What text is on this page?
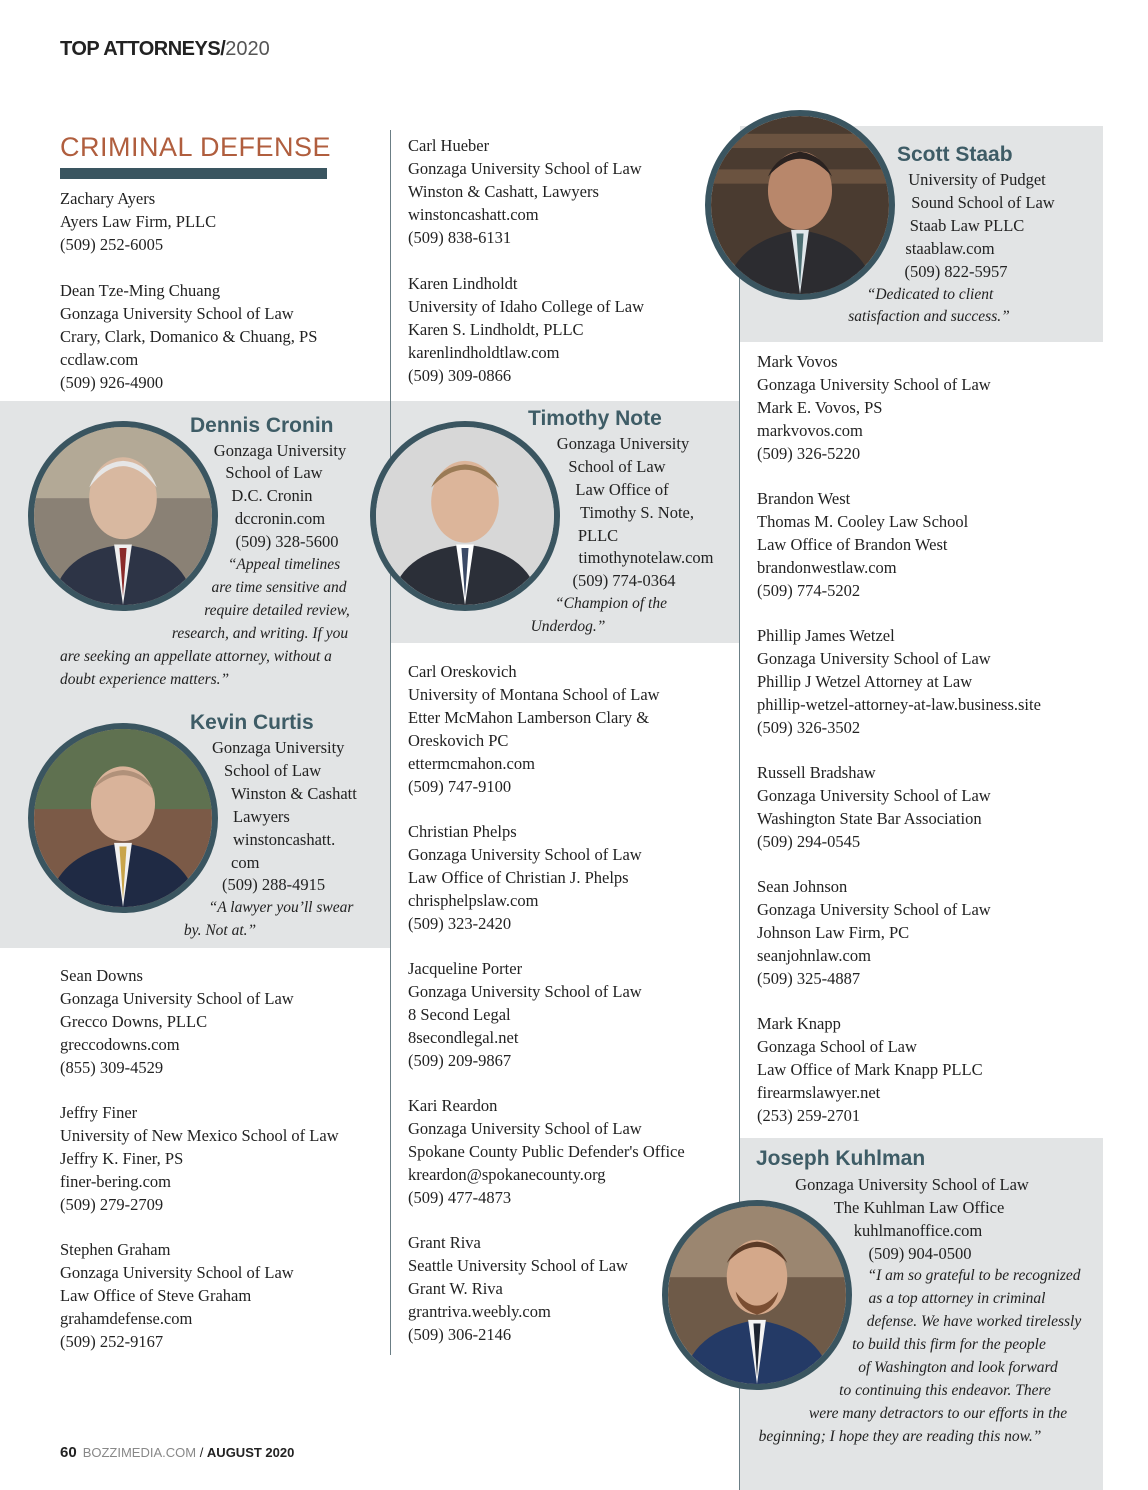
TOP ATTORNEYS/2020
CRIMINAL DEFENSE
Zachary Ayers
Ayers Law Firm, PLLC
(509) 252-6005
Dean Tze-Ming Chuang
Gonzaga University School of Law
Crary, Clark, Domanico & Chuang, PS
ccdlaw.com
(509) 926-4900
Sean Downs
Gonzaga University School of Law
Grecco Downs, PLLC
greccodowns.com
(855) 309-4529
Jeffry Finer
University of New Mexico School of Law
Jeffry K. Finer, PS
finer-bering.com
(509) 279-2709
Stephen Graham
Gonzaga University School of Law
Law Office of Steve Graham
grahamdefense.com
(509) 252-9167
Carl Hueber
Gonzaga University School of Law
Winston & Cashatt, Lawyers
winstoncashatt.com
(509) 838-6131
Karen Lindholdt
University of Idaho College of Law
Karen S. Lindholdt, PLLC
karenlindholdtlaw.com
(509) 309-0866
Carl Oreskovich
University of Montana School of Law
Etter McMahon Lamberson Clary &
Oreskovich PC
ettermcmahon.com
(509) 747-9100
Christian Phelps
Gonzaga University School of Law
Law Office of Christian J. Phelps
chrisphelpslaw.com
(509) 323-2420
Jacqueline Porter
Gonzaga University School of Law
8 Second Legal
8secondlegal.net
(509) 209-9867
Kari Reardon
Gonzaga University School of Law
Spokane County Public Defender's Office
kreardon@spokanecounty.org
(509) 477-4873
Grant Riva
Seattle University School of Law
Grant W. Riva
grantriva.weebly.com
(509) 306-2146
Mark Vovos
Gonzaga University School of Law
Mark E. Vovos, PS
markvovos.com
(509) 326-5220
Brandon West
Thomas M. Cooley Law School
Law Office of Brandon West
brandonwestlaw.com
(509) 774-5202
Phillip James Wetzel
Gonzaga University School of Law
Phillip J Wetzel Attorney at Law
phillip-wetzel-attorney-at-law.business.site
(509) 326-3502
Russell Bradshaw
Gonzaga University School of Law
Washington State Bar Association
(509) 294-0545
Sean Johnson
Gonzaga University School of Law
Johnson Law Firm, PC
seanjohnlaw.com
(509) 325-4887
Mark Knapp
Gonzaga School of Law
Law Office of Mark Knapp PLLC
firearmslawyer.net
(253) 259-2701
Dennis Cronin
Gonzaga University
School of Law
D.C. Cronin
dccronin.com
(509) 328-5600
“Appeal timelines
are time sensitive and
require detailed review,
research, and writing. If you
are seeking an appellate attorney, without a
doubt experience matters.”
Kevin Curtis
Gonzaga University
School of Law
Winston & Cashatt
Lawyers
winstoncashatt.
com
(509) 288-4915
“A lawyer you’ll swear
by. Not at.”
Timothy Note
Gonzaga University
School of Law
Law Office of
Timothy S. Note,
PLLC
timothynotelaw.com
(509) 774-0364
“Champion of the
Underdog.”
Scott Staab
University of Pudget
Sound School of Law
Staab Law PLLC
staablaw.com
(509) 822-5957
“Dedicated to client
satisfaction and success.”
Joseph Kuhlman
Gonzaga University School of Law
The Kuhlman Law Office
kuhlmanoffice.com
(509) 904-0500
“I am so grateful to be recognized
as a top attorney in criminal
defense. We have worked tirelessly
to build this firm for the people
of Washington and look forward
to continuing this endeavor. There
were many detractors to our efforts in the
beginning; I hope they are reading this now.”
60 BOZZIMEDIA.COM / AUGUST 2020
